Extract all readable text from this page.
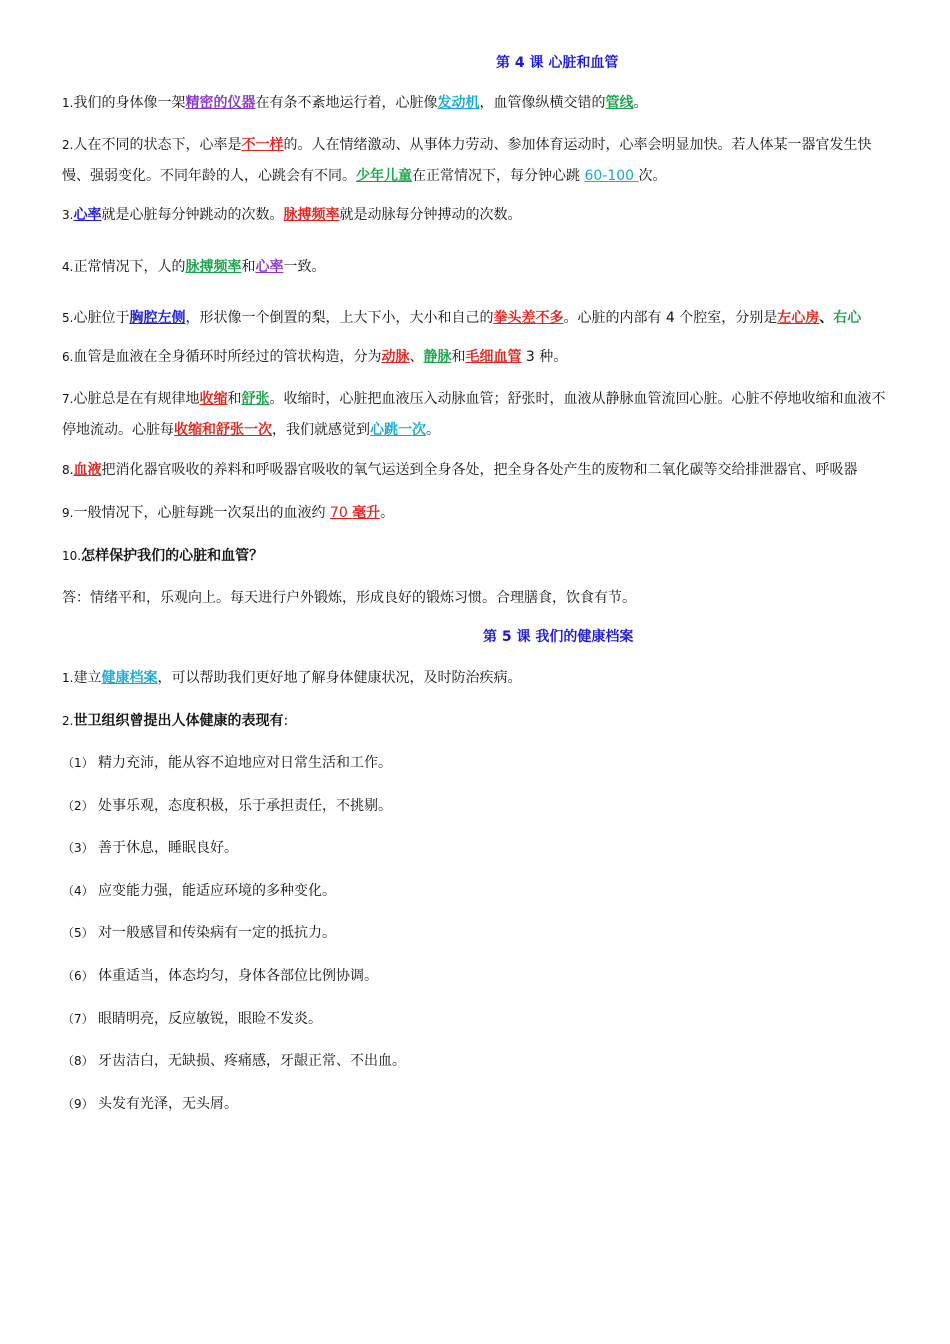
第 4 课 心脏和血管
1.我们的身体像一架精密的仪器在有条不紊地运行着，心脏像发动机，血管像纵横交错的管线。
2.人在不同的状态下，心率是不一样的。人在情绪激动、从事体力劳动、参加体育运动时，心率会明显加快。若人体某一器官发生快慢、强弱变化。不同年龄的人，心跳会有不同。少年儿童在正常情况下，每分钟心跳 60-100 次。
3.心率就是心脏每分钟跳动的次数。脉搏频率就是动脉每分钟搏动的次数。
4.正常情况下，人的脉搏频率和心率一致。
5.心脏位于胸腔左侧，形状像一个倒置的梨，上大下小，大小和自己的拳头差不多。心脏的内部有 4 个腔室，分别是左心房、右心
6.血管是血液在全身循环时所经过的管状构造，分为动脉、静脉和毛细血管 3 种。
7.心脏总是在有规律地收缩和舒张。收缩时，心脏把血液压入动脉血管；舒张时，血液从静脉血管流回心脏。心脏不停地收缩和血液不停地流动。心脏每收缩和舒张一次，我们就感觉到心跳一次。
8.血液把消化器官吸收的养料和呼吸器官吸收的氧气运送到全身各处，把全身各处产生的废物和二氧化碳等交给排泄器官、呼吸器
9.一般情况下，心脏每跳一次泵出的血液约 70 毫升。
10.怎样保护我们的心脏和血管？
答：情绪平和，乐观向上。每天进行户外锻炼，形成良好的锻炼习惯。合理膳食，饮食有节。
第 5 课 我们的健康档案
1.建立健康档案，可以帮助我们更好地了解身体健康状况，及时防治疾病。
2.世卫组织曾提出人体健康的表现有:
（1） 精力充沛，能从容不迫地应对日常生活和工作。
（2） 处事乐观，态度积极，乐于承担责任，不挑剔。
（3） 善于休息，睡眠良好。
（4） 应变能力强，能适应环境的多种变化。
（5） 对一般感冒和传染病有一定的抵抗力。
（6） 体重适当，体态均匀，身体各部位比例协调。
（7） 眼睛明亮，反应敏锐，眼睑不发炎。
（8） 牙齿洁白，无缺损、疼痛感，牙龈正常、不出血。
（9） 头发有光泽，无头屑。
